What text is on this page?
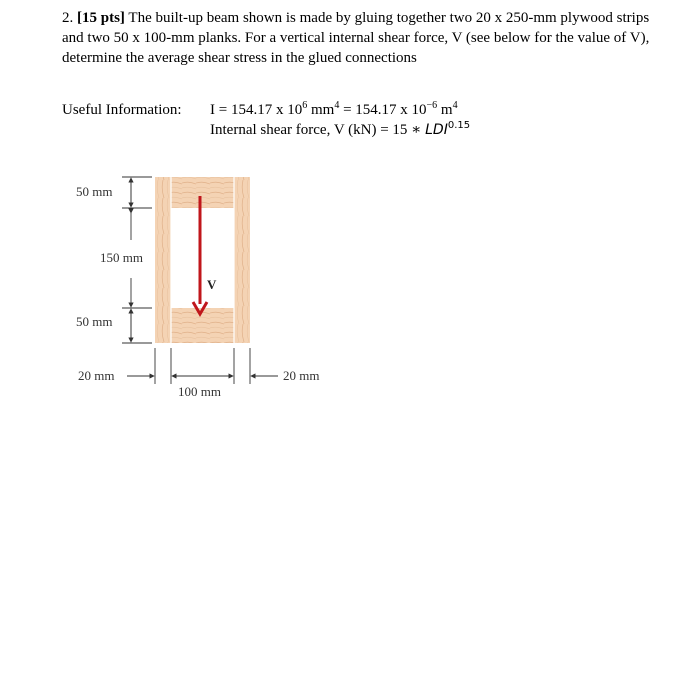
2. [15 pts] The built-up beam shown is made by gluing together two 20 x 250-mm plywood strips and two 50 x 100-mm planks. For a vertical internal shear force, V (see below for the value of V), determine the average shear stress in the glued connections
Useful Information: I = 154.17 x $10^6$ $mm^4 = 154.17$ x $10^{-6}$ $m^4$
Internal shear force, V (kN) = 15 ∗ $LDI^{0.15}$
V
50 mm
150 mm
50 mm
20 mm
100 mm
20 mm
